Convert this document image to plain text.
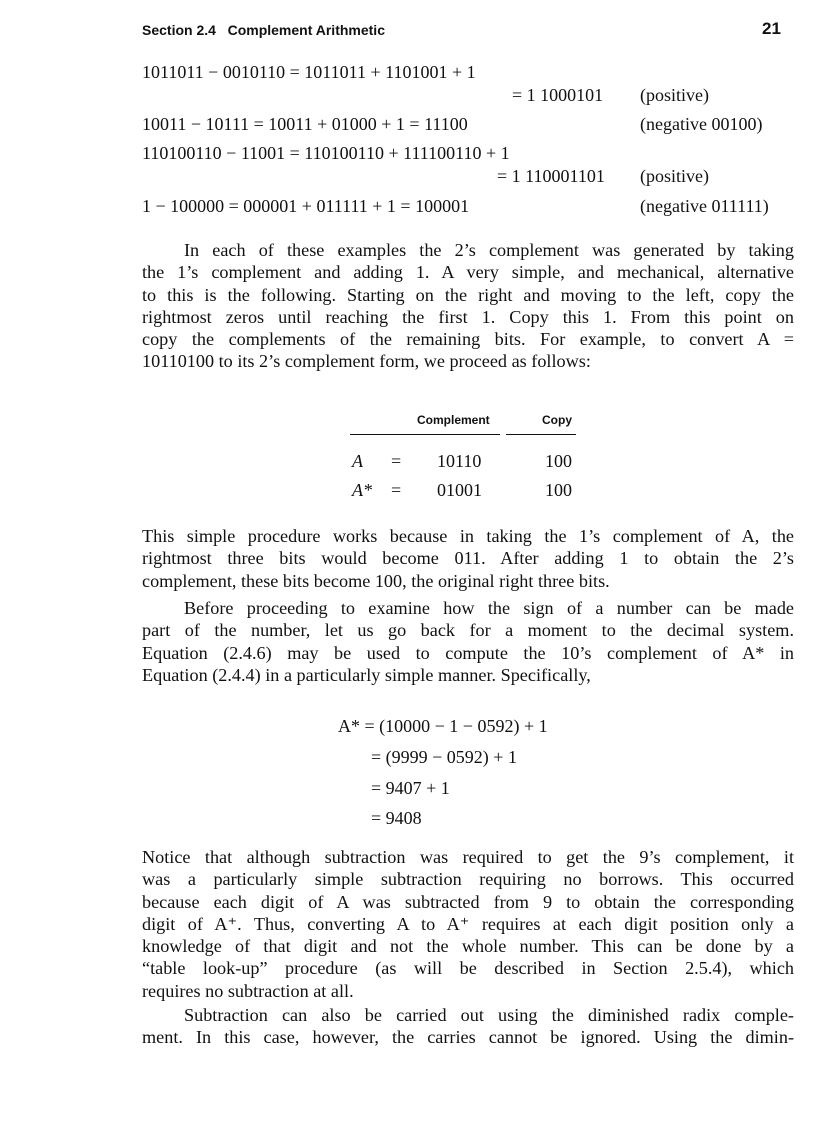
Section 2.4 Complement Arithmetic	21
1011011 − 0010110 = 1011011 + 1101001 + 1
= 1 1000101 (positive)
10011 − 10111 = 10011 + 01000 + 1 = 11100	(negative 00100)
110100110 − 11001 = 110100110 + 111100110 + 1
= 1 110001101 (positive)
1 − 100000 = 000001 + 011111 + 1 = 100001	(negative 011111)
In each of these examples the 2’s complement was generated by taking
the 1’s complement and adding 1. A very simple, and mechanical, alternative
to this is the following. Starting on the right and moving to the left, copy the
rightmost zeros until reaching the first 1. Copy this 1. From this point on
copy the complements of the remaining bits. For example, to convert A =
10110100 to its 2’s complement form, we proceed as follows:
Complement	Copy
A = 10110	100
A* = 01001	100
This simple procedure works because in taking the 1’s complement of A, the
rightmost three bits would become 011. After adding 1 to obtain the 2’s
complement, these bits become 100, the original right three bits.
Before proceeding to examine how the sign of a number can be made
part of the number, let us go back for a moment to the decimal system.
Equation (2.4.6) may be used to compute the 10’s complement of A* in
Equation (2.4.4) in a particularly simple manner. Specifically,
A* = (10000 − 1 − 0592) + 1
= (9999 − 0592) + 1
= 9407 + 1
= 9408
Notice that although subtraction was required to get the 9’s complement, it
was a particularly simple subtraction requiring no borrows. This occurred
because each digit of A was subtracted from 9 to obtain the corresponding
digit of A⁺. Thus, converting A to A⁺ requires at each digit position only a
knowledge of that digit and not the whole number. This can be done by a
“table look-up” procedure (as will be described in Section 2.5.4), which
requires no subtraction at all.
Subtraction can also be carried out using the diminished radix comple-
ment. In this case, however, the carries cannot be ignored. Using the dimin-
